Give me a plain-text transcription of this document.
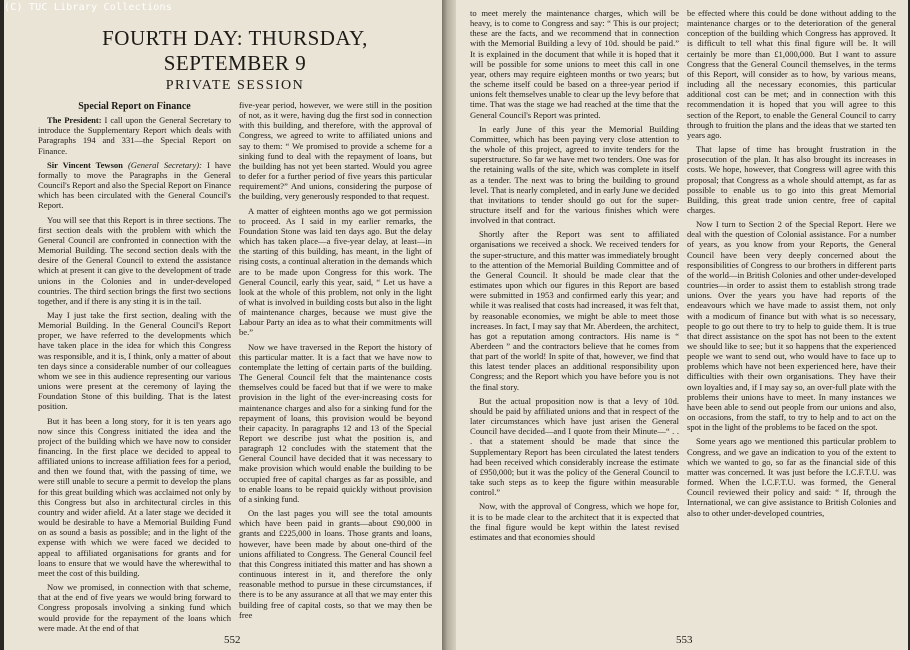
(C) TUC Library Collections
FOURTH DAY: THURSDAY, SEPTEMBER 9
PRIVATE SESSION
Special Report on Finance

The President: I call upon the General Secretary to introduce the Supplementary Report which deals with Paragraphs 194 and 331—the Special Report on Finance.

Sir Vincent Tewson (General Secretary): I have formally to move the Paragraphs in the General Council's Report and also the Special Report on Finance which has been circulated with the General Council's Report.

You will see that this Report is in three sections. The first section deals with the problem with which the General Council are confronted in connection with the Memorial Building. The second section deals with the desire of the General Council to extend the assistance which at present it can give to the development of trade unions in the Colonies and in under-developed countries. The third section brings the first two sections together, and if there is any sting it is in the tail.

May I just take the first section, dealing with the Memorial Building. In the General Council's Report proper, we have referred to the developments which have taken place in the idea for which this Congress was responsible, and it is, I think, only a matter of about ten days since a considerable number of our colleagues whom we see in this audience representing our various unions were present at the ceremony of laying the Foundation Stone of this building. That is the latest position.

But it has been a long story, for it is ten years ago now since this Congress initiated the idea and the project of the building which we have now to consider financing. In the first place we decided to appeal to affiliated unions to increase affiliation fees for a period, and then we found that, with the passing of time, we were still unable to secure a permit to develop the plans for this great building which was acclaimed not only by this Congress but also in architectural circles in this country and wider afield. At a later stage we decided it would be desirable to have a Memorial Building Fund on as sound a basis as possible; and in the light of the expense with which we were faced we decided to appeal to affiliated organisations for grants and for loans to ensure that we would have the wherewithal to meet the cost of this building.

Now we promised, in connection with that scheme, that at the end of five years we would bring forward to Congress proposals involving a sinking fund which would provide for the repayment of the loans which were made. At the end of that

five-year period, however, we were still in the position of not, as it were, having dug the first sod in connection with this building, and therefore, with the approval of Congress, we agreed to write to affiliated unions and say to them: “ We promised to provide a scheme for a sinking fund to deal with the repayment of loans, but the building has not yet been started. Would you agree to defer for a further period of five years this particular requirement?” And unions, considering the purpose of the building, very generously responded to that request.

A matter of eighteen months ago we got permission to proceed. As I said in my earlier remarks, the Foundation Stone was laid ten days ago. But the delay which has taken place—a five-year delay, at least—in the starting of this building, has meant, in the light of rising costs, a continual alteration in the demands which are to be made upon Congress for this work. The General Council, early this year, said, “ Let us have a look at the whole of this problem, not only in the light of what is involved in building costs but also in the light of maintenance charges, because we must give the Labour Party an idea as to what their commitments will be.”

Now we have traversed in the Report the history of this particular matter. It is a fact that we have now to contemplate the letting of certain parts of the building. The General Council felt that the maintenance costs themselves could be faced but that if we were to make provision in the light of the ever-increasing costs for maintenance charges and also for a sinking fund for the repayment of loans, this provision would be beyond their capacity. In paragraphs 12 and 13 of the Special Report we describe just what the position is, and paragraph 12 concludes with the statement that the General Council have decided that it was necessary to make provision which would enable the building to be occupied free of capital charges as far as possible, and to enable loans to be repaid quickly without provision of a sinking fund.

On the last pages you will see the total amounts which have been paid in grants—about £90,000 in grants and £225,000 in loans. Those grants and loans, however, have been made by about one-third of the unions affiliated to Congress. The General Council feel that this Congress initiated this matter and has shown a continuous interest in it, and therefore the only reasonable method to pursue in these circumstances, if there is to be any assurance at all that we may enter this building free of capital costs, so that we may then be free

552

to meet merely the maintenance charges, which will be heavy, is to come to Congress and say: “ This is our project; these are the facts, and we recommend that in connection with the Memorial Building a levy of 10d. should be paid.” It is explained in the document that while it is hoped that it will be possible for some unions to meet this call in one year, others may require eighteen months or two years; but the scheme itself could be based on a three-year period if unions felt themselves unable to clear up the levy before that time. That was the stage we had reached at the time that the General Council's Report was printed.

In early June of this year the Memorial Building Committee, which has been paying very close attention to the whole of this project, agreed to invite tenders for the superstructure. So far we have met two tenders. One was for the retaining walls of the site, which was complete in itself as a tender. The next was to bring the building to ground level. That is nearly completed, and in early June we decided that invitations to tender should go out for the super-structure itself and for the various finishes which were involved in that contract.

Shortly after the Report was sent to affiliated organisations we received a shock. We received tenders for the super-structure, and this matter was immediately brought to the attention of the Memorial Building Committee and of the General Council. It should be made clear that the estimates upon which our figures in this Report are based were submitted in 1953 and confirmed early this year; and while it was realised that costs had increased, it was felt that, by reasonable economies, we might be able to meet those increases. In fact, I may say that Mr. Aberdeen, the architect, has got a reputation among contractors. His name is “ Aberdeen ” and the contractors believe that he comes from that part of the world! In spite of that, however, we find that this latest tender places an additional responsibility upon Congress; and the Report which you have before you is not the final story.

But the actual proposition now is that a levy of 10d. should be paid by affiliated unions and that in respect of the later circumstances which have just arisen the General Council have decided—and I quote from their Minute—“ . . . that a statement should be made that since the Supplementary Report has been circulated the latest tenders had been received which considerably increase the estimate of £950,000; but it was the policy of the General Council to take such steps as to keep the figure within measurable control.”

Now, with the approval of Congress, which we hope for, it is to be made clear to the architect that it is expected that the final figure would be kept within the latest revised estimates and that economies should

be effected where this could be done without adding to the maintenance charges or to the deterioration of the general conception of the building which Congress has approved. It is difficult to tell what this final figure will be. It will certainly be more than £1,000,000. But I want to assure Congress that the General Council themselves, in the terms of this Report, will consider as to how, by various means, including all the necessary economies, this particular additional cost can be met; and in connection with this recommendation it is hoped that you will agree to this section of the Report, to enable the General Council to carry through to fruition the plans and the ideas that we started ten years ago.

That lapse of time has brought frustration in the prosecution of the plan. It has also brought its increases in costs. We hope, however, that Congress will agree with this proposal; that Congress as a whole should attempt, as far as possible to enable us to go into this great Memorial Building, this great trade union centre, free of capital charges.

Now I turn to Section 2 of the Special Report. Here we deal with the question of Colonial assistance. For a number of years, as you know from your Reports, the General Council have been very deeply concerned about the responsibilities of Congress to our brothers in different parts of the world—in British Colonies and other under-developed countries—in order to assist them to establish strong trade unions. Over the years you have had reports of the endeavours which we have made to assist them, not only with a modicum of finance but with what is so necessary, people to go out there to try to help to guide them. It is true that direct assistance on the spot has not been to the extent we should like to see; but it so happens that the experienced people we want to send out, who would have to face up to problems which have not been experienced here, have their difficulties with their own organisations. They have their own loyalties and, if I may say so, an over-full plate with the problems their unions have to meet. In many instances we have been able to send out people from our unions and also, on occasions, from the staff, to try to help and to act on the spot in the light of the problems to be faced on the spot.

Some years ago we mentioned this particular problem to Congress, and we gave an indication to you of the extent to which we wanted to go, so far as the financial side of this matter was concerned. It was just before the I.C.F.T.U. was formed. When the I.C.F.T.U. was formed, the General Council reviewed their policy and said: “ If, through the International, we can give assistance to British Colonies and also to other under-developed countries,

553
